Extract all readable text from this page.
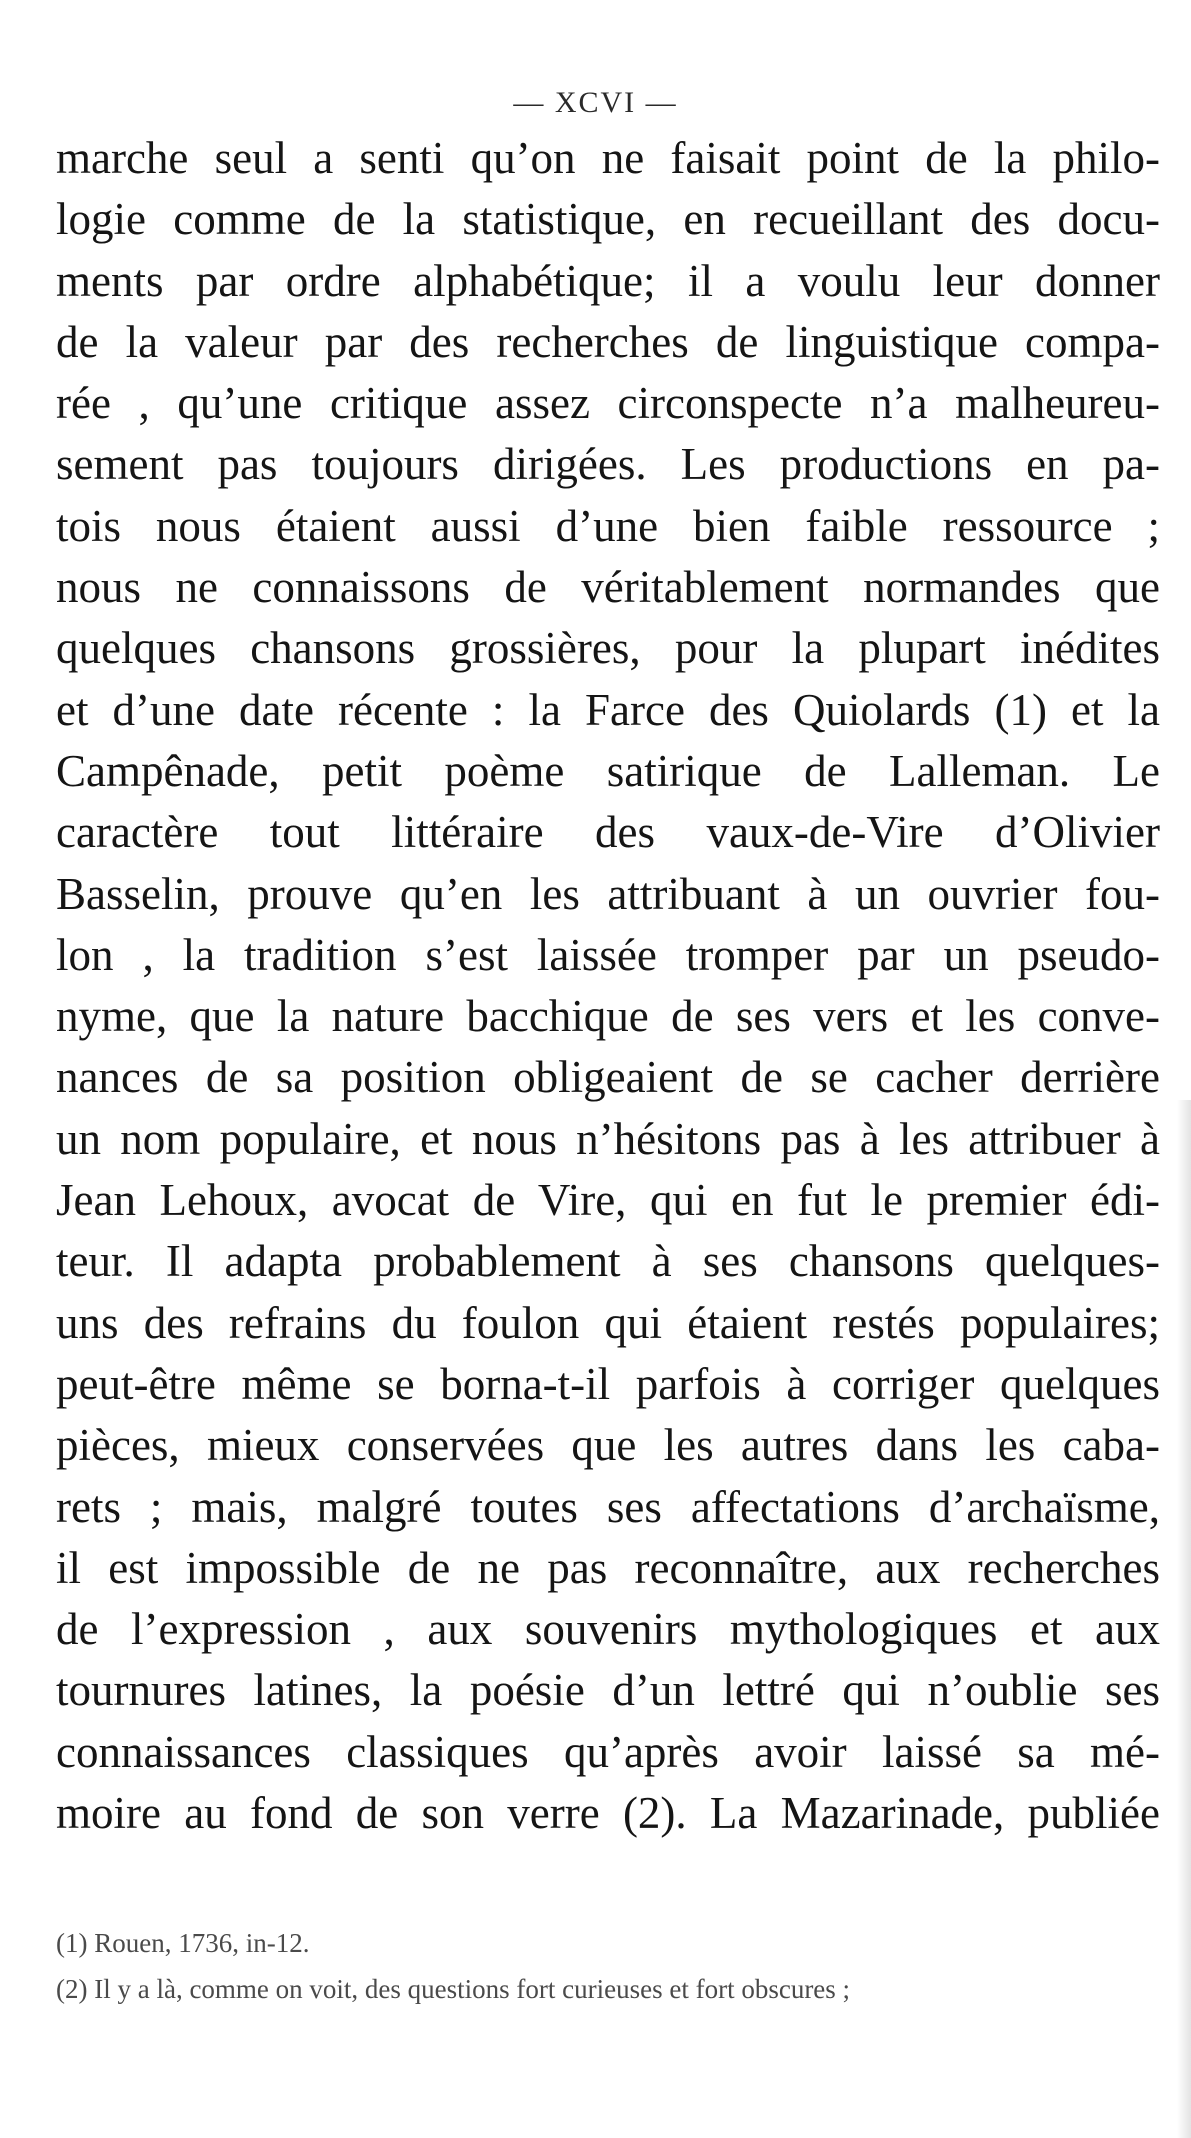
— XCVI —
marche seul a senti qu’on ne faisait point de la philo-
logie comme de la statistique, en recueillant des docu-
ments par ordre alphabétique; il a voulu leur donner
de la valeur par des recherches de linguistique compa-
rée , qu’une critique assez circonspecte n’a malheureu-
sement pas toujours dirigées. Les productions en pa-
tois nous étaient aussi d’une bien faible ressource ;
nous ne connaissons de véritablement normandes que
quelques chansons grossières, pour la plupart inédites
et d’une date récente : la Farce des Quiolards (1) et la
Campênade, petit poème satirique de Lalleman. Le
caractère tout littéraire des vaux-de-Vire d’Olivier
Basselin, prouve qu’en les attribuant à un ouvrier fou-
lon , la tradition s’est laissée tromper par un pseudo-
nyme, que la nature bacchique de ses vers et les conve-
nances de sa position obligeaient de se cacher derrière
un nom populaire, et nous n’hésitons pas à les attribuer à
Jean Lehoux, avocat de Vire, qui en fut le premier édi-
teur. Il adapta probablement à ses chansons quelques-
uns des refrains du foulon qui étaient restés populaires;
peut-être même se borna-t-il parfois à corriger quelques
pièces, mieux conservées que les autres dans les caba-
rets ; mais, malgré toutes ses affectations d’archaïsme,
il est impossible de ne pas reconnaître, aux recherches
de l’expression , aux souvenirs mythologiques et aux
tournures latines, la poésie d’un lettré qui n’oublie ses
connaissances classiques qu’après avoir laissé sa mé-
moire au fond de son verre (2). La Mazarinade, publiée
(1) Rouen, 1736, in-12.
(2) Il y a là, comme on voit, des questions fort curieuses et fort obscures ;
